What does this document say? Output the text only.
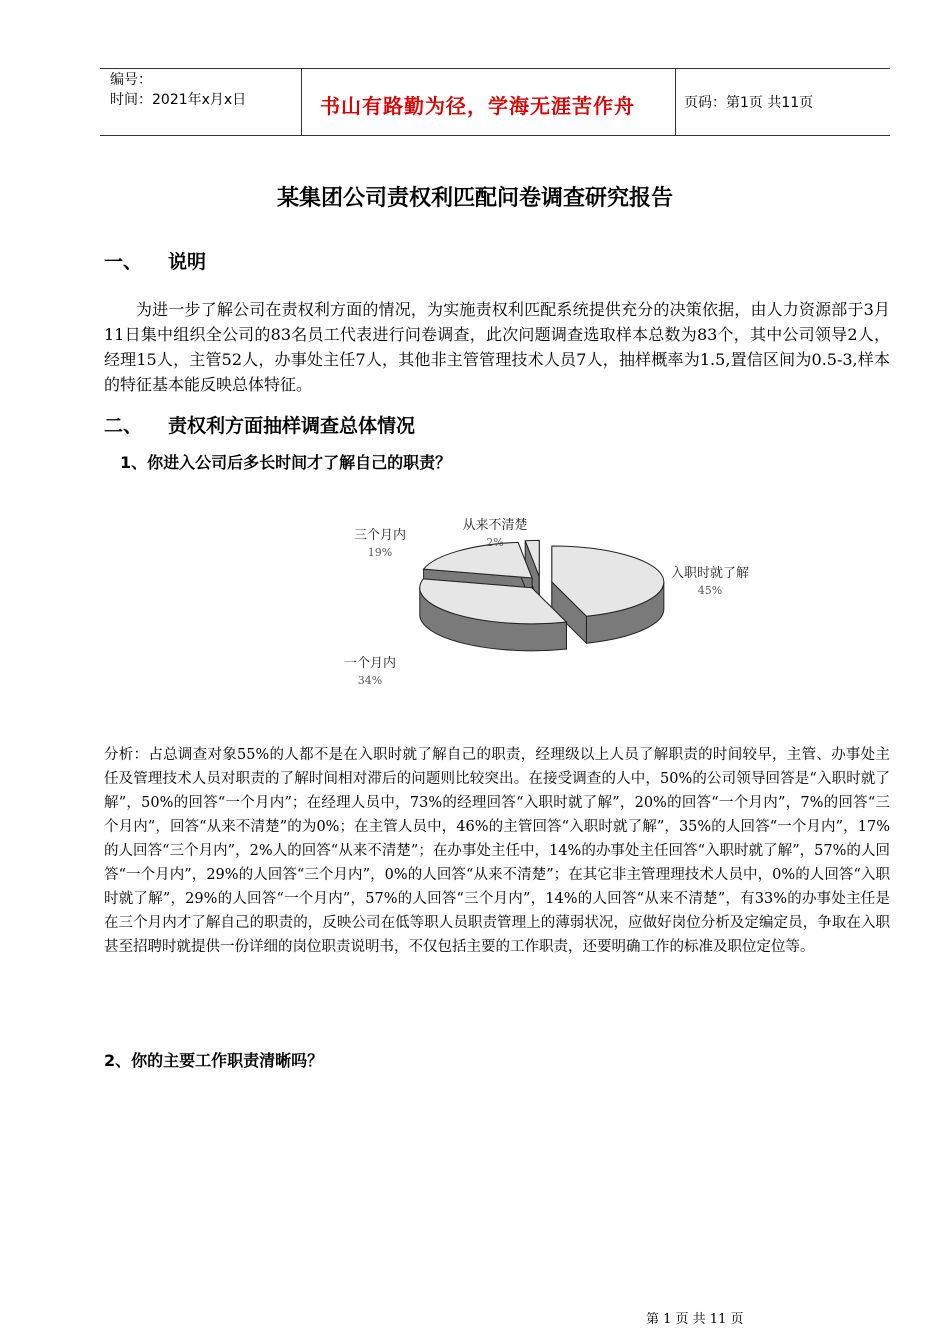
编号：
时间：2021年x月x日	书山有路勤为径，学海无涯苦作舟	页码：第1页 共11页
某集团公司责权利匹配问卷调查研究报告
一、 说明
为进一步了解公司在责权利方面的情况，为实施责权利匹配系统提供充分的决策依据，由人力资源部于3月11日集中组织全公司的83名员工代表进行问卷调查，此次问题调查选取样本总数为83个，其中公司领导2人，经理15人，主管52人，办事处主任7人，其他非主管管理技术人员7人，抽样概率为1.5,置信区间为0.5-3,样本的特征基本能反映总体特征。
二、 责权利方面抽样调查总体情况
1、你进入公司后多长时间才了解自己的职责？
入职时就了解
45%
一个月内
34%
三个月内
19%
从来不清楚
2%
分析：占总调查对象55%的人都不是在入职时就了解自己的职责，经理级以上人员了解职责的时间较早，主管、办事处主任及管理技术人员对职责的了解时间相对滞后的问题则比较突出。在接受调查的人中，50%的公司领导回答是“入职时就了解”，50%的回答“一个月内”；在经理人员中，73%的经理回答“入职时就了解”，20%的回答“一个月内”，7%的回答“三个月内”，回答“从来不清楚”的为0%；在主管人员中，46%的主管回答“入职时就了解”，35%的人回答“一个月内”，17%的人回答“三个月内”，2%人的回答“从来不清楚”；在办事处主任中，14%的办事处主任回答“入职时就了解”，57%的人回答“一个月内”，29%的人回答“三个月内”，0%的人回答“从来不清楚”；在其它非主管理理技术人员中，0%的人回答“入职时就了解”，29%的人回答“一个月内”，57%的人回答“三个月内”，14%的人回答“从来不清楚”，有33%的办事处主任是在三个月内才了解自己的职责的，反映公司在低等职人员职责管理上的薄弱状况，应做好岗位分析及定编定员，争取在入职甚至招聘时就提供一份详细的岗位职责说明书，不仅包括主要的工作职责，还要明确工作的标准及职位定位等。
2、你的主要工作职责清晰吗？
第 1 页 共 11 页
